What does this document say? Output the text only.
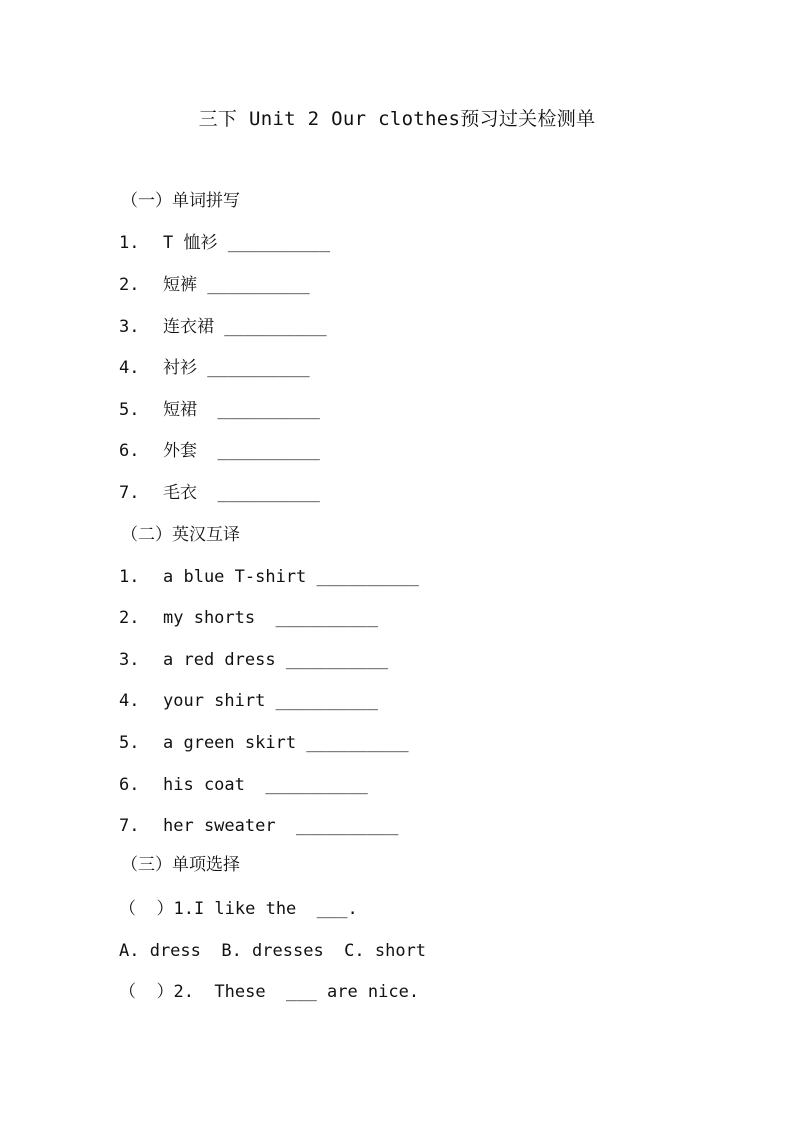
三下 Unit 2 Our clothes预习过关检测单
（一）单词拼写
1. T 恤衫 __________
2. 短裤 __________
3. 连衣裙 __________
4. 衬衫 __________
5. 短裙  __________
6. 外套  __________
7. 毛衣  __________
（二）英汉互译
1. a blue T-shirt __________
2. my shorts  __________
3. a red dress __________
4. your shirt __________
5. a green skirt __________
6. his coat  __________
7. her sweater  __________
（三）单项选择
（  ）1.I like the  ___.
A. dress  B. dresses  C. short
（  ）2.  These  ___ are nice.
